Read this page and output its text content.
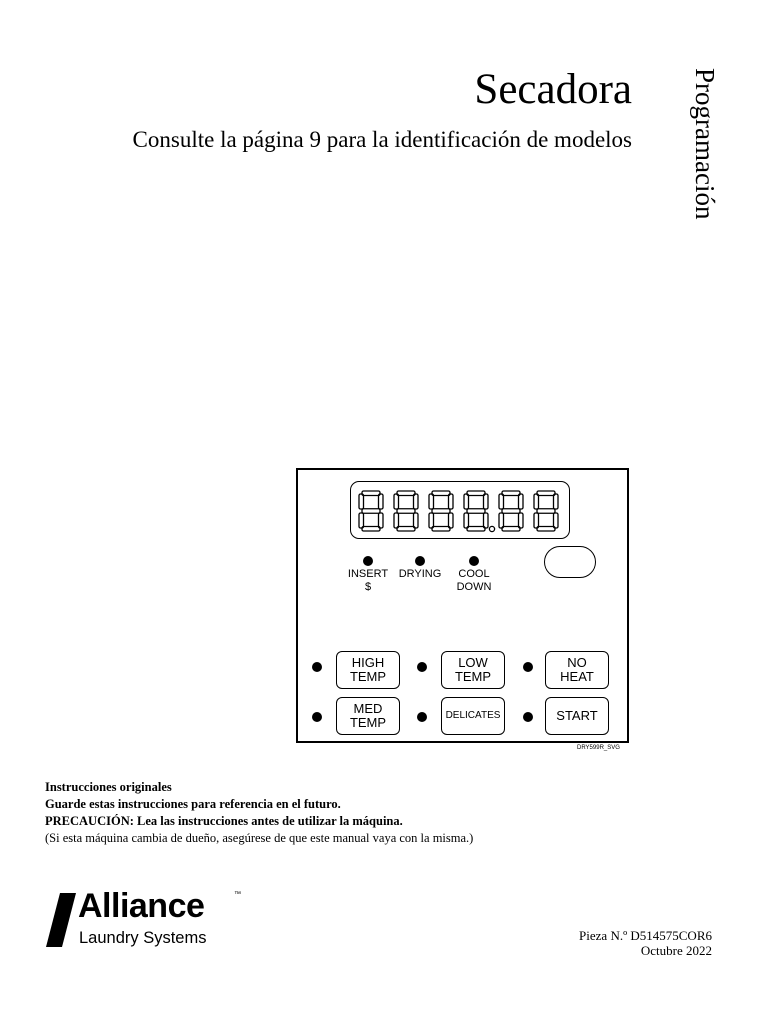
Secadora
Consulte la página 9 para la identificación de modelos	Programación
INSERT
$
DRYING	COOL
DOWN
HIGH
TEMP
LOW
TEMP
NO
HEAT
MED
TEMP	DELICATES	START
DRY599R_SVG
Instrucciones originales
Guarde estas instrucciones para referencia en el futuro.
PRECAUCIÓN: Lea las instrucciones antes de utilizar la máquina.
(Si esta máquina cambia de dueño, asegúrese de que este manual vaya con la misma.)
Alliance	™
Laundry Systems	Pieza N.º D514575COR6
Octubre 2022
